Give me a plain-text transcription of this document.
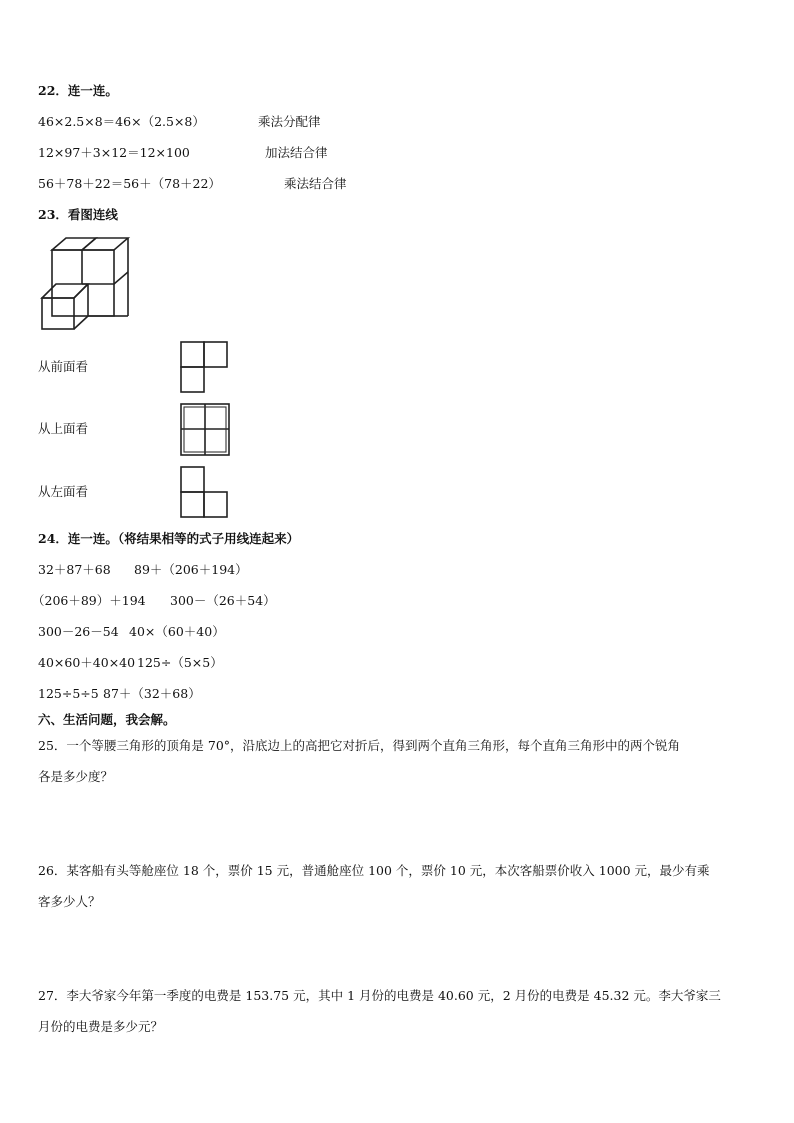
22．连一连。
46×2.5×8＝46×（2.5×8）	乘法分配律
12×97＋3×12＝12×100	加法结合律
56＋78＋22＝56＋（78＋22）	乘法结合律
23．看图连线
从前面看
从上面看
从左面看
24．连一连。（将结果相等的式子用线连起来）
32＋87＋68 89＋（206＋194）
（206＋89）＋194 300－（26＋54）
300－26－54 40×（60＋40）
40×60＋40×40 125÷（5×5）
125÷5÷5 87＋（32＋68）
六、生活问题，我会解。
25．一个等腰三角形的顶角是 70°，沿底边上的高把它对折后，得到两个直角三角形，每个直角三角形中的两个锐角
各是多少度？
26．某客船有头等舱座位 18 个，票价 15 元，普通舱座位 100 个，票价 10 元，本次客船票价收入 1000 元，最少有乘
客多少人？
27．李大爷家今年第一季度的电费是 153.75 元，其中 1 月份的电费是 40.60 元，2 月份的电费是 45.32 元。李大爷家三
月份的电费是多少元？
